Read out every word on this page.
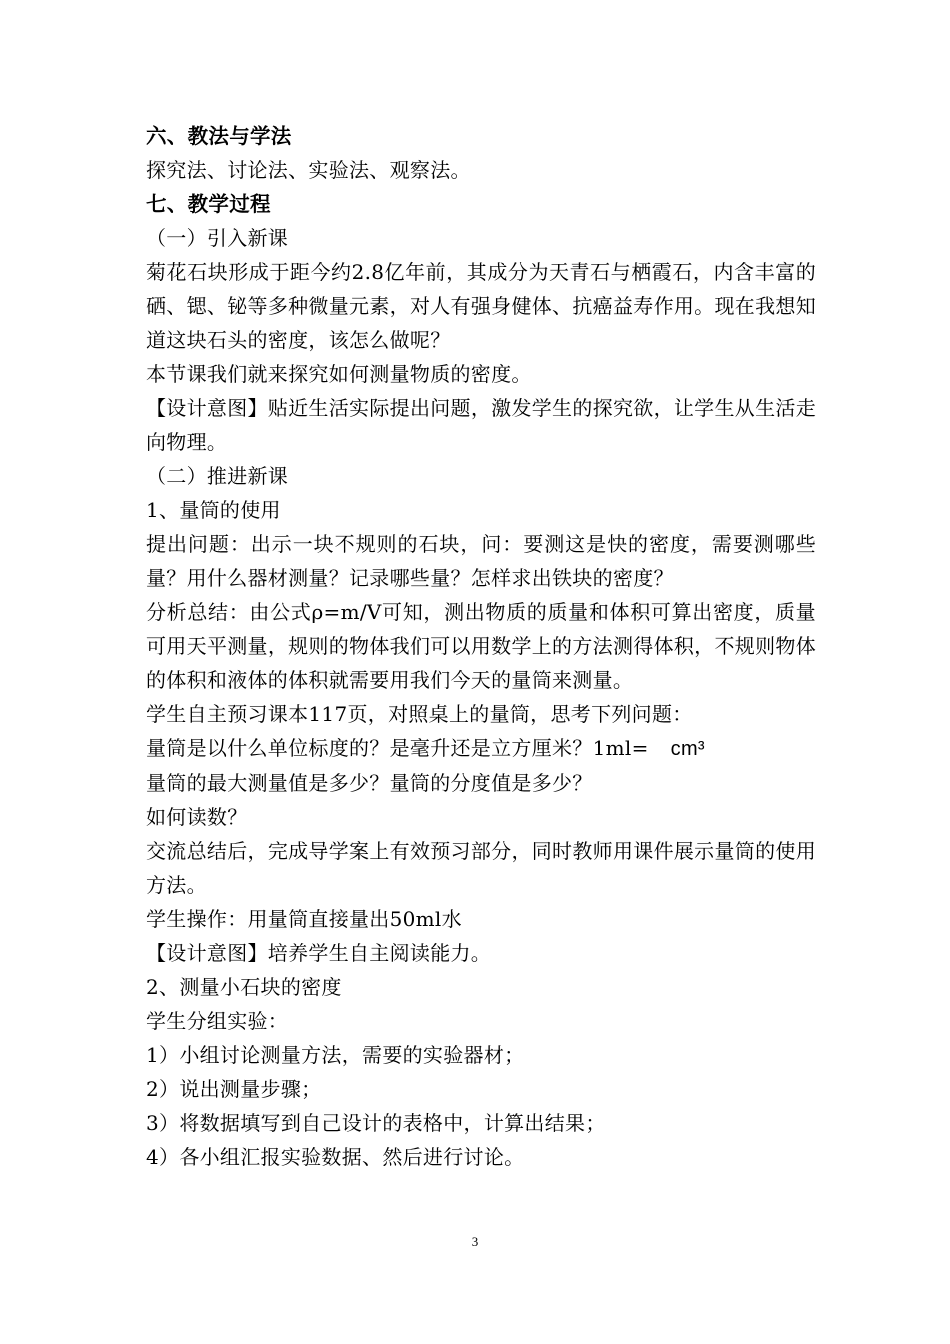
六、教法与学法

探究法、讨论法、实验法、观察法。

七、教学过程

（一）引入新课

菊花石块形成于距今约2.8亿年前，其成分为天青石与栖霞石，内含丰富的硒、锶、铋等多种微量元素，对人有强身健体、抗癌益寿作用。现在我想知道这块石头的密度，该怎么做呢？

本节课我们就来探究如何测量物质的密度。

【设计意图】贴近生活实际提出问题，激发学生的探究欲，让学生从生活走向物理。

（二）推进新课

1、量筒的使用

提出问题：出示一块不规则的石块，问：要测这是快的密度，需要测哪些量？用什么器材测量？记录哪些量？怎样求出铁块的密度？

分析总结：由公式ρ=m/V可知，测出物质的质量和体积可算出密度，质量可用天平测量，规则的物体我们可以用数学上的方法测得体积，不规则物体的体积和液体的体积就需要用我们今天的量筒来测量。

学生自主预习课本117页，对照桌上的量筒，思考下列问题：

量筒是以什么单位标度的？是毫升还是立方厘米？1ml= cm³

量筒的最大测量值是多少？量筒的分度值是多少？

如何读数？

交流总结后，完成导学案上有效预习部分，同时教师用课件展示量筒的使用方法。

学生操作：用量筒直接量出50ml水

【设计意图】培养学生自主阅读能力。

2、测量小石块的密度

学生分组实验：

1）小组讨论测量方法，需要的实验器材；

2）说出测量步骤；

3）将数据填写到自己设计的表格中，计算出结果；

4）各小组汇报实验数据、然后进行讨论。

3
